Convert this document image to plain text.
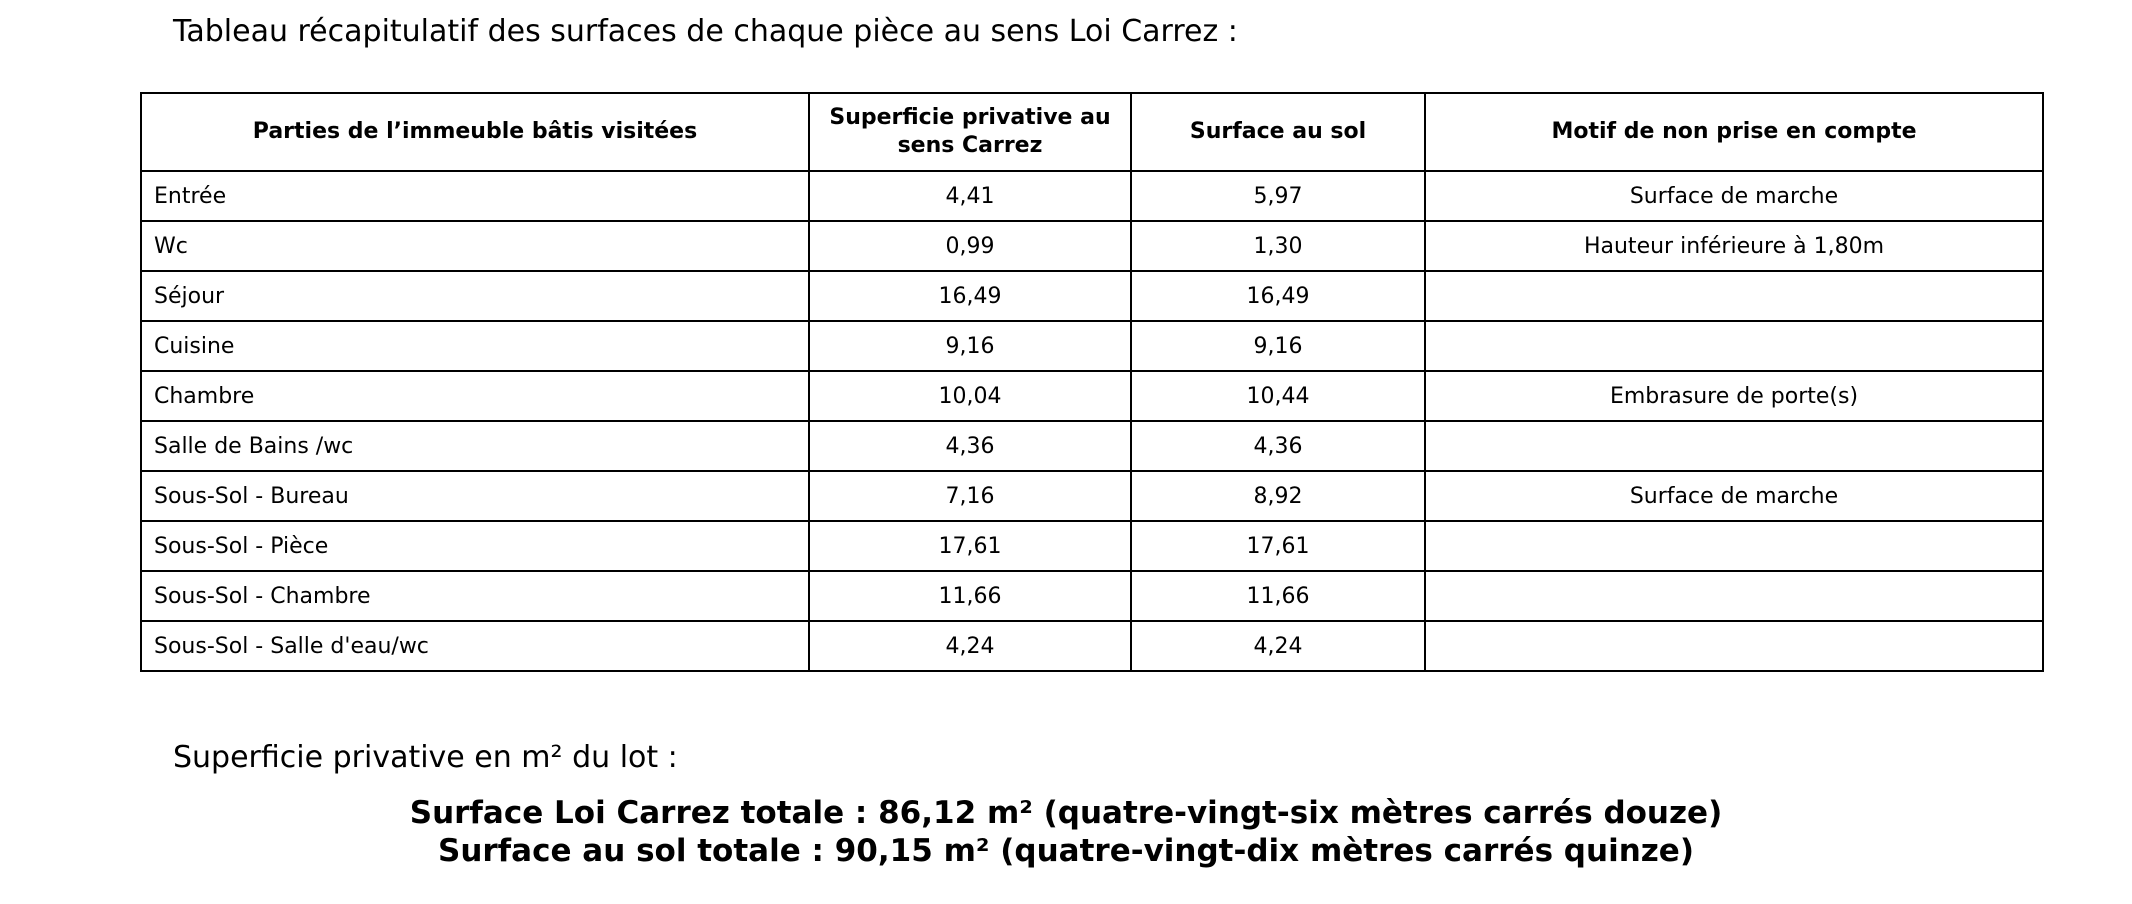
Tableau récapitulatif des surfaces de chaque pièce au sens Loi Carrez :
Parties de l’immeuble bâtis visitées	Superficie privative au sens Carrez	Surface au sol	Motif de non prise en compte
Entrée	4,41	5,97	Surface de marche
Wc	0,99	1,30	Hauteur inférieure à 1,80m
Séjour	16,49	16,49	
Cuisine	9,16	9,16	
Chambre	10,04	10,44	Embrasure de porte(s)
Salle de Bains /wc	4,36	4,36	
Sous-Sol - Bureau	7,16	8,92	Surface de marche
Sous-Sol - Pièce	17,61	17,61	
Sous-Sol - Chambre	11,66	11,66	
Sous-Sol - Salle d'eau/wc	4,24	4,24	
Superficie privative en m² du lot :
Surface Loi Carrez totale : 86,12 m² (quatre-vingt-six mètres carrés douze)
Surface au sol totale : 90,15 m² (quatre-vingt-dix mètres carrés quinze)
